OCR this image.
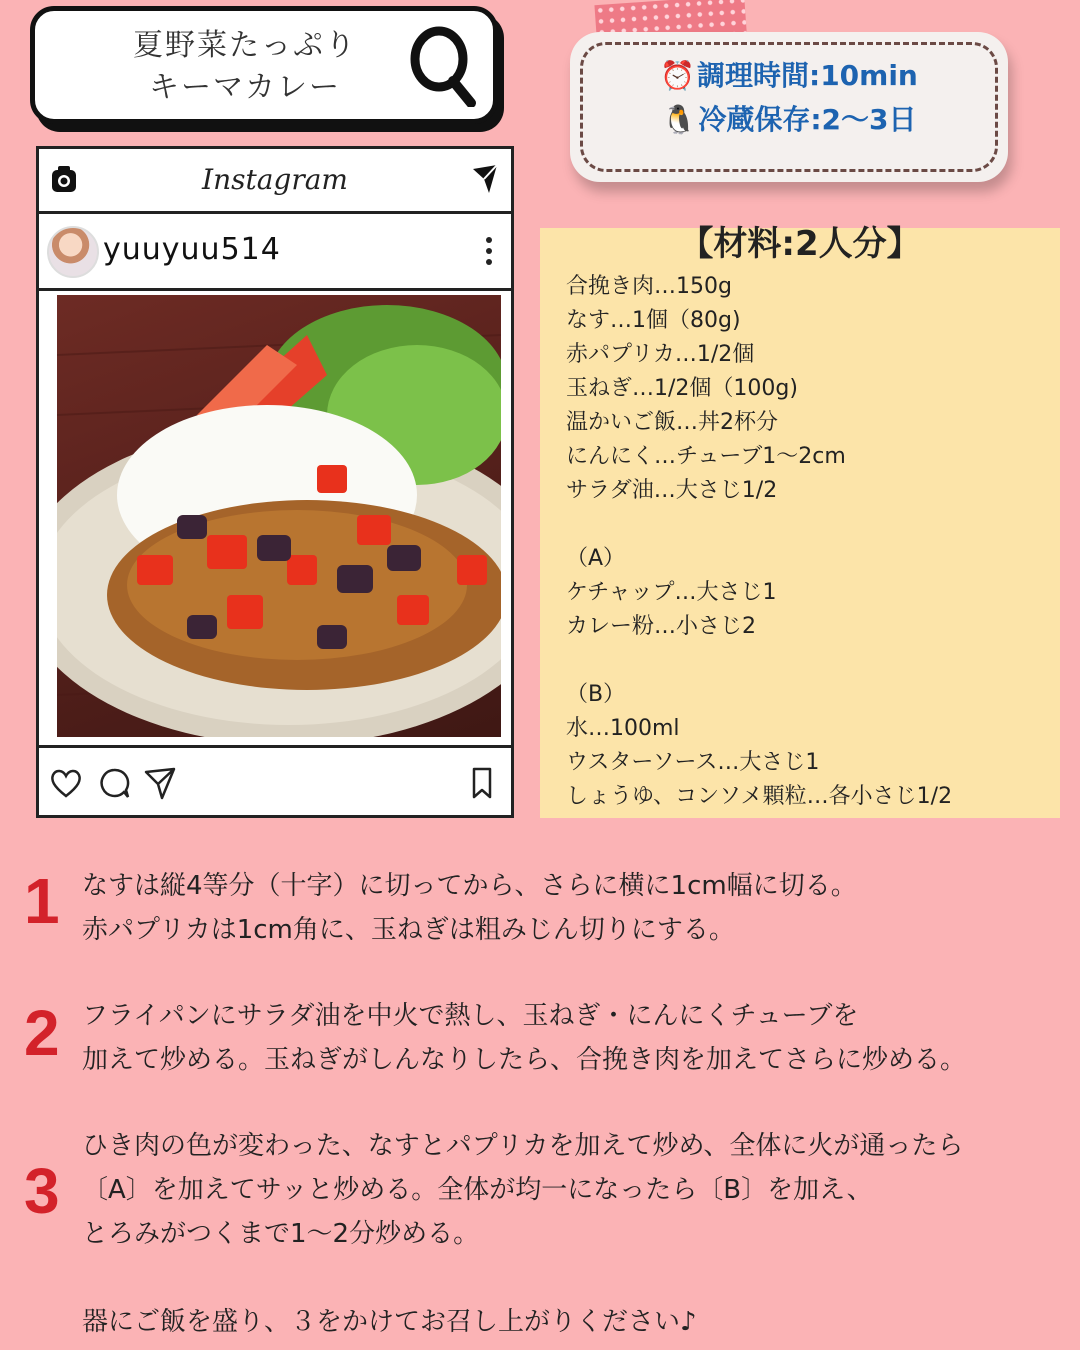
夏野菜たっぷり
キーマカレー	⏰調理時間:10min
🐧冷蔵保存:2〜3日
Instagram
yuuyuu514	【材料:2人分】
合挽き肉…150g
なす…1個（80g)
赤パプリカ…1/2個
玉ねぎ…1/2個（100g)
温かいご飯…丼2杯分
にんにく…チューブ1〜2cm
サラダ油…大さじ1/2
（A）
ケチャップ…大さじ1
カレー粉…小さじ2
（B）
水…100ml
ウスターソース…大さじ1
しょうゆ、コンソメ顆粒…各小さじ1/2
1 なすは縦4等分（十字）に切ってから、さらに横に1cm幅に切る。
赤パプリカは1cm角に、玉ねぎは粗みじん切りにする。
2 フライパンにサラダ油を中火で熱し、玉ねぎ・にんにくチューブを
加えて炒める。玉ねぎがしんなりしたら、合挽き肉を加えてさらに炒める。
3
ひき肉の色が変わった、なすとパプリカを加えて炒め、全体に火が通ったら
〔A〕を加えてサッと炒める。全体が均一になったら〔B〕を加え、
とろみがつくまで1〜2分炒める。
器にご飯を盛り、３をかけてお召し上がりください♪
